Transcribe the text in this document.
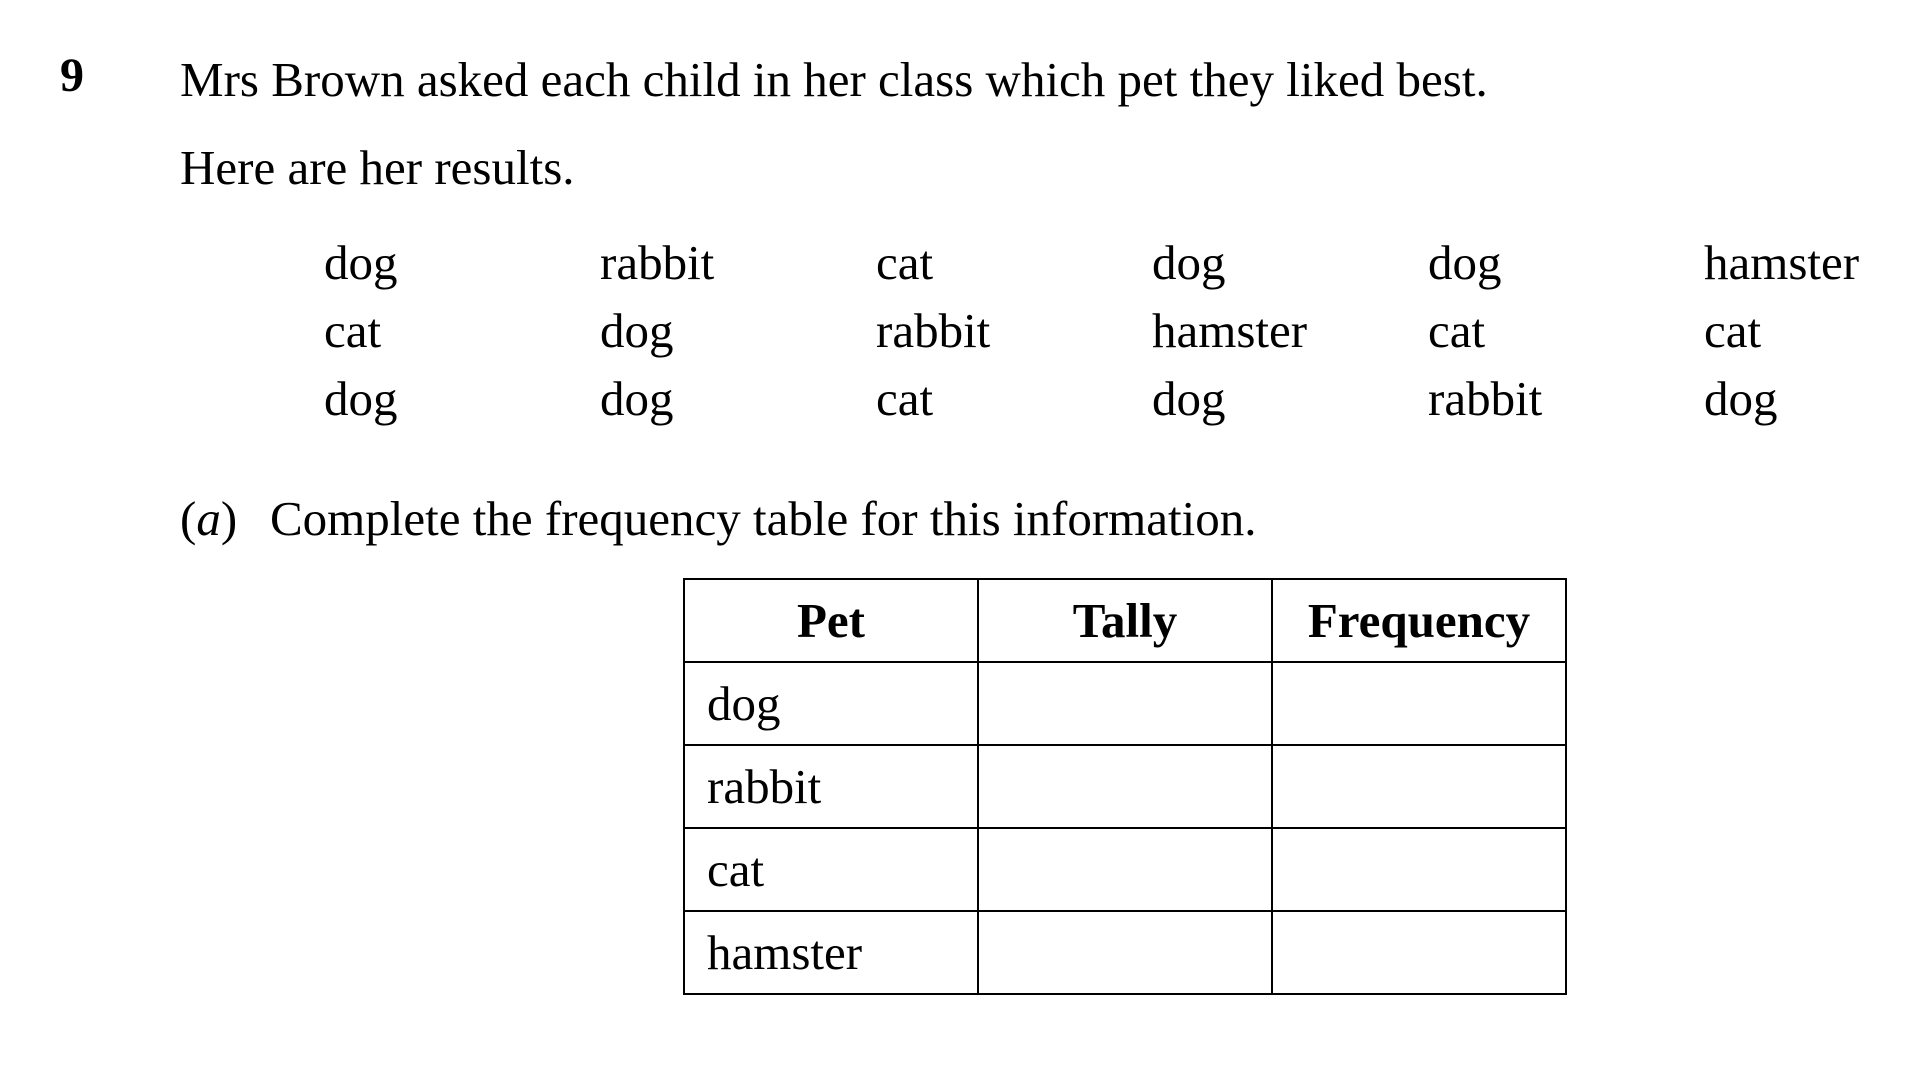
9 Mrs Brown asked each child in her class which pet they liked best.
Here are her results.
dog	rabbit	cat	dog	dog	hamster
cat	dog	rabbit	hamster	cat	cat
dog	dog	cat	dog	rabbit	dog
(a) Complete the frequency table for this information.
Pet	Tally	Frequency
dog		
rabbit		
cat		
hamster		
